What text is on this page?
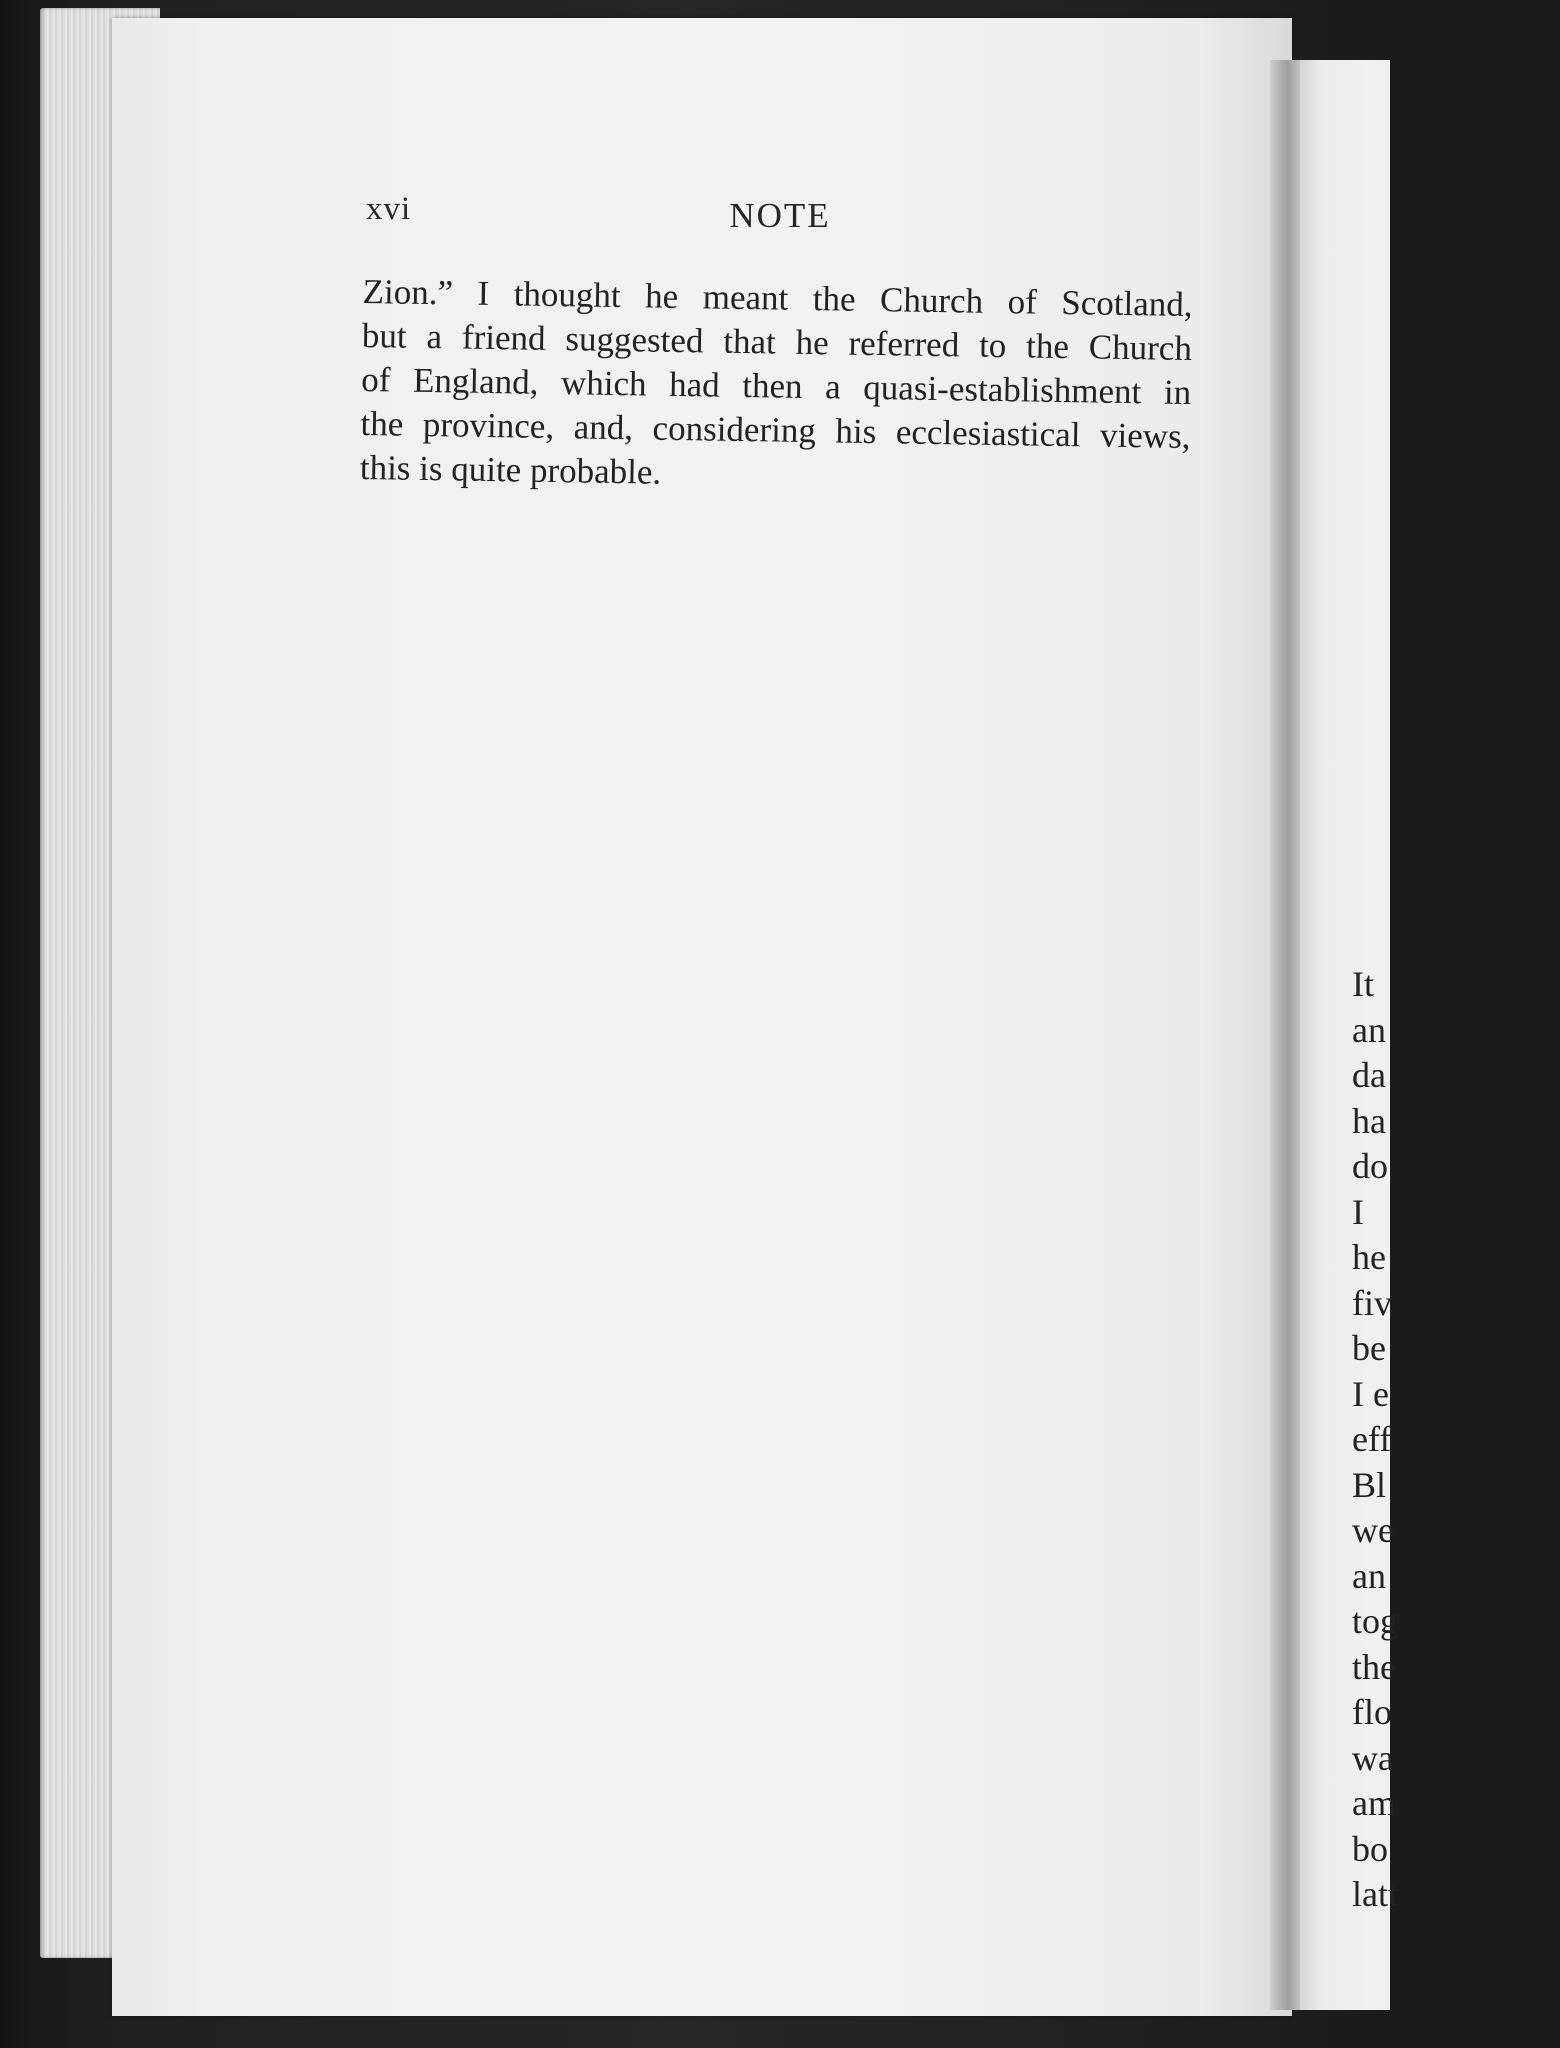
xvi	NOTE
Zion.” I thought he meant the Church of Scotland,
but a friend suggested that he referred to the Church
of England, which had then a quasi-establishment in
the province, and, considering his ecclesiastical views,
this is quite probable.
It
an
da
ha
do
I
he
fiv
be
I e
eff
Bl
we
an
tog
the
flo
wa
am
bo
latt
